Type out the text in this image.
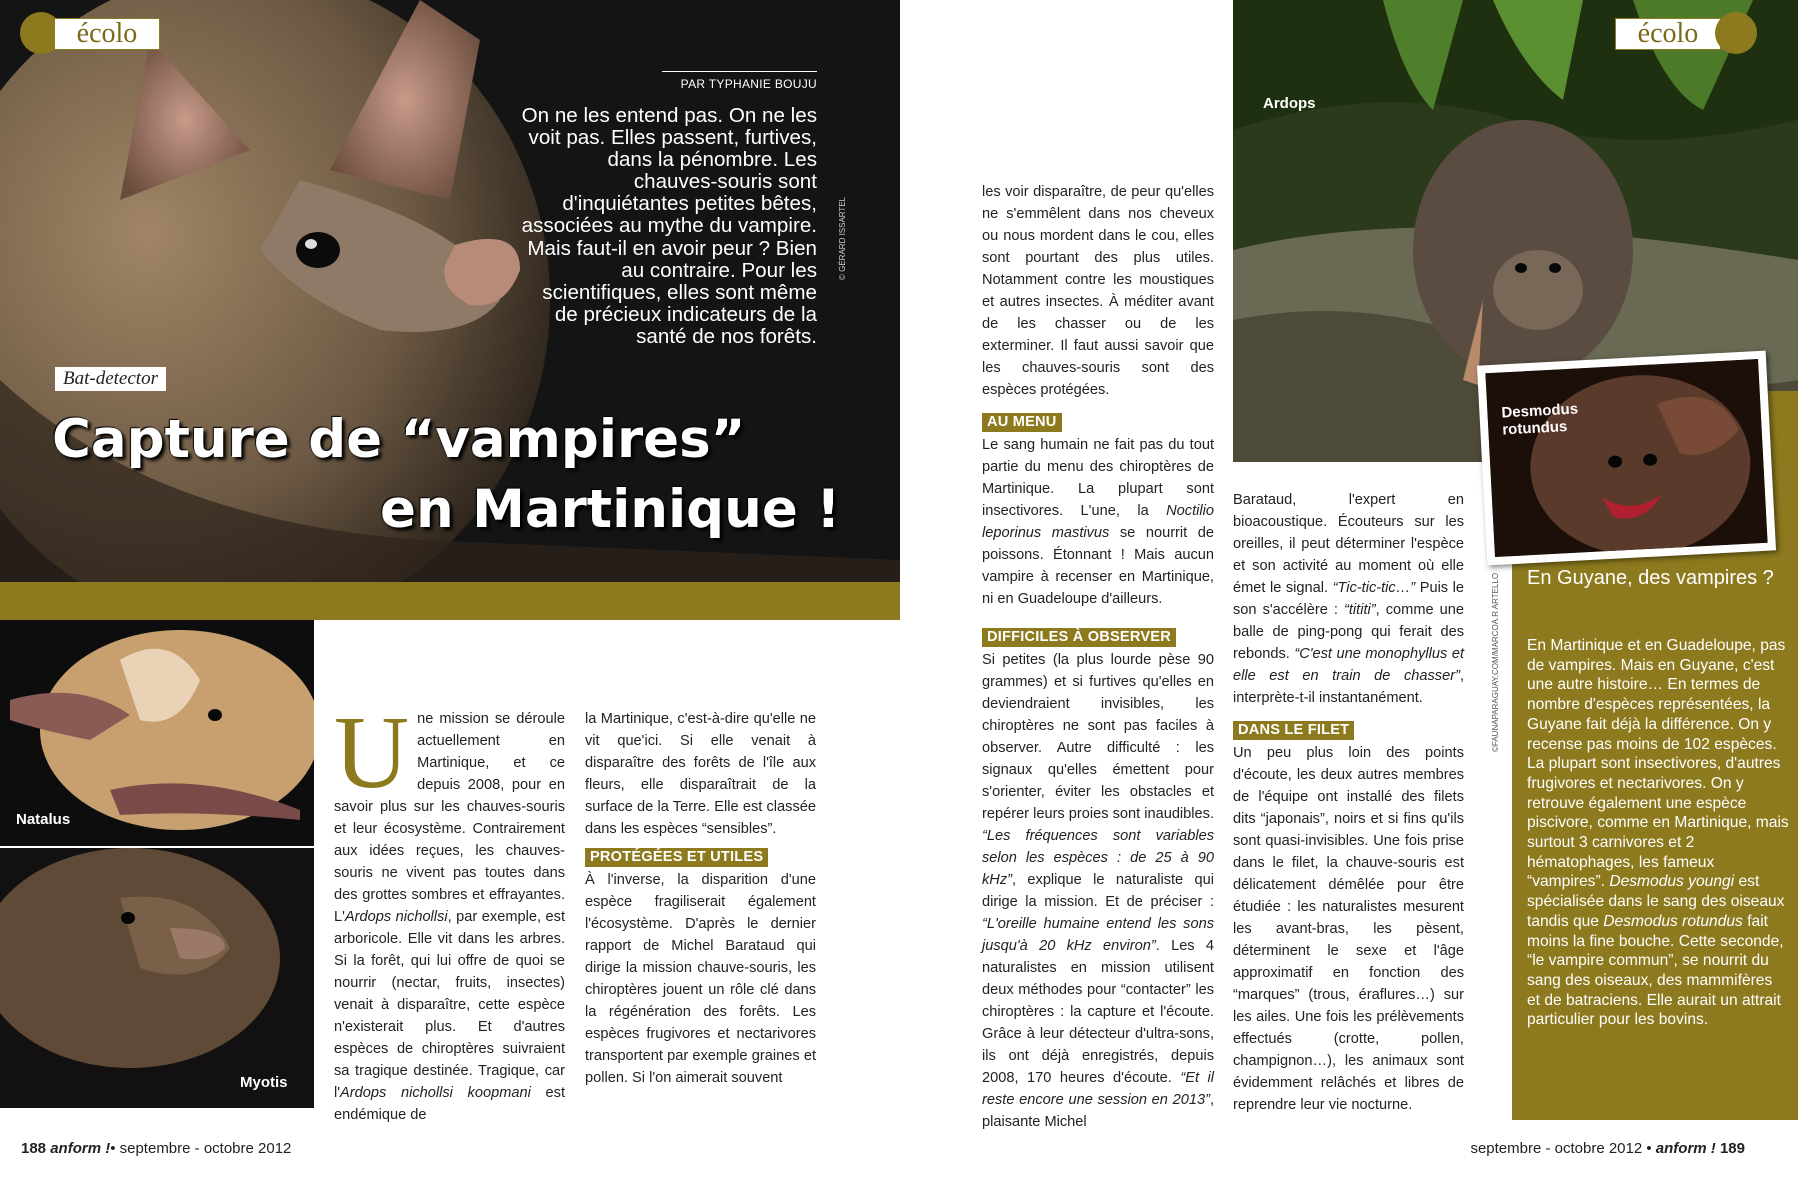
écolo
PAR TYPHANIE BOUJU
On ne les entend pas. On ne les voit pas. Elles passent, furtives, dans la pénombre. Les chauves-souris sont d'inquiétantes petites bêtes, associées au mythe du vampire. Mais faut-il en avoir peur ? Bien au contraire. Pour les scientifiques, elles sont même de précieux indicateurs de la santé de nos forêts.
© GÉRARD ISSARTEL
Bat-detector
Capture de “vampires”
en Martinique !
Natalus
Myotis

Une mission se déroule actuellement en Martinique, et ce depuis 2008, pour en savoir plus sur les chauves-souris et leur écosystème. Contrairement aux idées reçues, les chauves-souris ne vivent pas toutes dans des grottes sombres et effrayantes. L'Ardops nichollsi, par exemple, est arboricole. Elle vit dans les arbres. Si la forêt, qui lui offre de quoi se nourrir (nectar, fruits, insectes) venait à disparaître, cette espèce n'existerait plus. Et d'autres espèces de chiroptères suivraient sa tragique destinée. Tragique, car l'Ardops nichollsi koopmani est endémique de

la Martinique, c'est-à-dire qu'elle ne vit que'ici. Si elle venait à disparaître des forêts de l'île aux fleurs, elle disparaîtrait de la surface de la Terre. Elle est classée dans les espèces “sensibles”.

PROTÉGÉES ET UTILES

À l'inverse, la disparition d'une espèce fragiliserait également l'écosystème. D'après le dernier rapport de Michel Barataud qui dirige la mission chauve-souris, les chiroptères jouent un rôle clé dans la régénération des forêts. Les espèces frugivores et nectarivores transportent par exemple graines et pollen. Si l'on aimerait souvent

les voir disparaître, de peur qu'elles ne s'emmêlent dans nos cheveux ou nous mordent dans le cou, elles sont pourtant des plus utiles. Notamment contre les moustiques et autres insectes. À méditer avant de les chasser ou de les exterminer. Il faut aussi savoir que les chauves-souris sont des espèces protégées.

AU MENU

Le sang humain ne fait pas du tout partie du menu des chiroptères de Martinique. La plupart sont insectivores. L'une, la Noctilio leporinus mastivus se nourrit de poissons. Étonnant ! Mais aucun vampire à recenser en Martinique, ni en Guadeloupe d'ailleurs.

DIFFICILES À OBSERVER

Si petites (la plus lourde pèse 90 grammes) et si furtives qu'elles en deviendraient invisibles, les chiroptères ne sont pas faciles à observer. Autre difficulté : les signaux qu'elles émettent pour s'orienter, éviter les obstacles et repérer leurs proies sont inaudibles. “Les fréquences sont variables selon les espèces : de 25 à 90 kHz”, explique le naturaliste qui dirige la mission. Et de préciser : “L'oreille humaine entend les sons jusqu'à 20 kHz environ”. Les 4 naturalistes en mission utilisent deux méthodes pour “contacter” les chiroptères : la capture et l'écoute. Grâce à leur détecteur d'ultra-sons, ils ont déjà enregistrés, depuis 2008, 170 heures d'écoute. “Et il reste encore une session en 2013”, plaisante Michel

Ardops
écolo
Desmodus rotundus
©FAUNAPARAGUAY.COM/MARCOA.R ARTELLO En Guyane, des vampires ?
En Martinique et en Guadeloupe, pas de vampires. Mais en Guyane, c'est une autre histoire… En termes de nombre d'espèces représentées, la Guyane fait déjà la différence. On y recense pas moins de 102 espèces. La plupart sont insectivores, d'autres frugivores et nectarivores. On y retrouve également une espèce piscivore, comme en Martinique, mais surtout 3 carnivores et 2 hématophages, les fameux “vampires”. Desmodus youngi est spécialisée dans le sang des oiseaux tandis que Desmodus rotundus fait moins la fine bouche. Cette seconde, “le vampire commun”, se nourrit du sang des oiseaux, des mammifères et de batraciens. Elle aurait un attrait particulier pour les bovins.

Barataud, l'expert en bioacoustique. Écouteurs sur les oreilles, il peut déterminer l'espèce et son activité au moment où elle émet le signal. “Tic-tic-tic…” Puis le son s'accélère : “tititi”, comme une balle de ping-pong qui ferait des rebonds. “C'est une monophyllus et elle est en train de chasser”, interprète-t-il instantanément.

DANS LE FILET

Un peu plus loin des points d'écoute, les deux autres membres de l'équipe ont installé des filets dits “japonais”, noirs et si fins qu'ils sont quasi-invisibles. Une fois prise dans le filet, la chauve-souris est délicatement démêlée pour être étudiée : les naturalistes mesurent les avant-bras, les pèsent, déterminent le sexe et l'âge approximatif en fonction des “marques” (trous, éraflures…) sur les ailes. Une fois les prélèvements effectués (crotte, pollen, champignon…), les animaux sont évidemment relâchés et libres de reprendre leur vie nocturne.

188 anform !• septembre - octobre 2012	septembre - octobre 2012 • anform ! 189
